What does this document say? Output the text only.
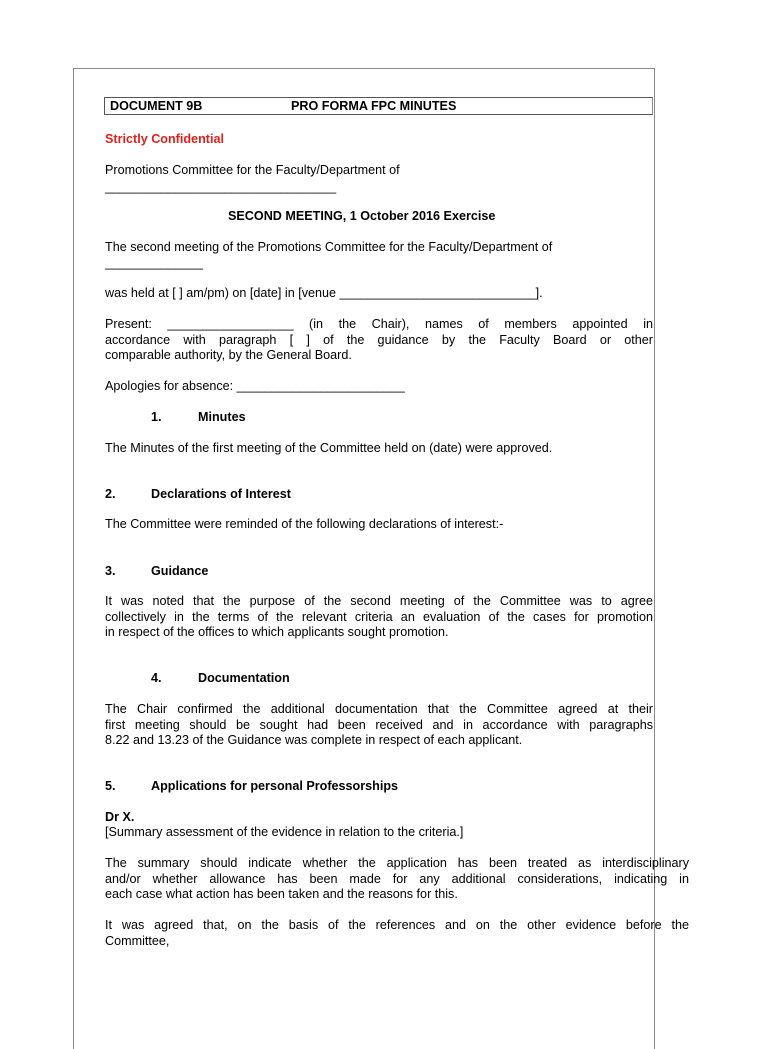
DOCUMENT 9B	PRO FORMA FPC MINUTES
Strictly Confidential
Promotions Committee for the Faculty/Department of
_________________________________
SECOND MEETING, 1 October 2016 Exercise
The second meeting of the Promotions Committee for the Faculty/Department of
______________
was held at [ ] am/pm) on [date] in [venue ____________________________].
Present: __________________ (in the Chair), names of members appointed in
accordance with paragraph [ ] of the guidance by the Faculty Board or other
comparable authority, by the General Board.
Apologies for absence: ________________________
1.	Minutes
The Minutes of the first meeting of the Committee held on (date) were approved.
2.	Declarations of Interest
The Committee were reminded of the following declarations of interest:-
3.	Guidance
It was noted that the purpose of the second meeting of the Committee was to agree
collectively in the terms of the relevant criteria an evaluation of the cases for promotion
in respect of the offices to which applicants sought promotion.
4.	Documentation
The Chair confirmed the additional documentation that the Committee agreed at their
first meeting should be sought had been received and in accordance with paragraphs
8.22 and 13.23 of the Guidance was complete in respect of each applicant.
5.	Applications for personal Professorships
Dr X.
[Summary assessment of the evidence in relation to the criteria.]
The summary should indicate whether the application has been treated as interdisciplinary
and/or whether allowance has been made for any additional considerations, indicating in
each case what action has been taken and the reasons for this.
It was agreed that, on the basis of the references and on the other evidence before the
Committee,
